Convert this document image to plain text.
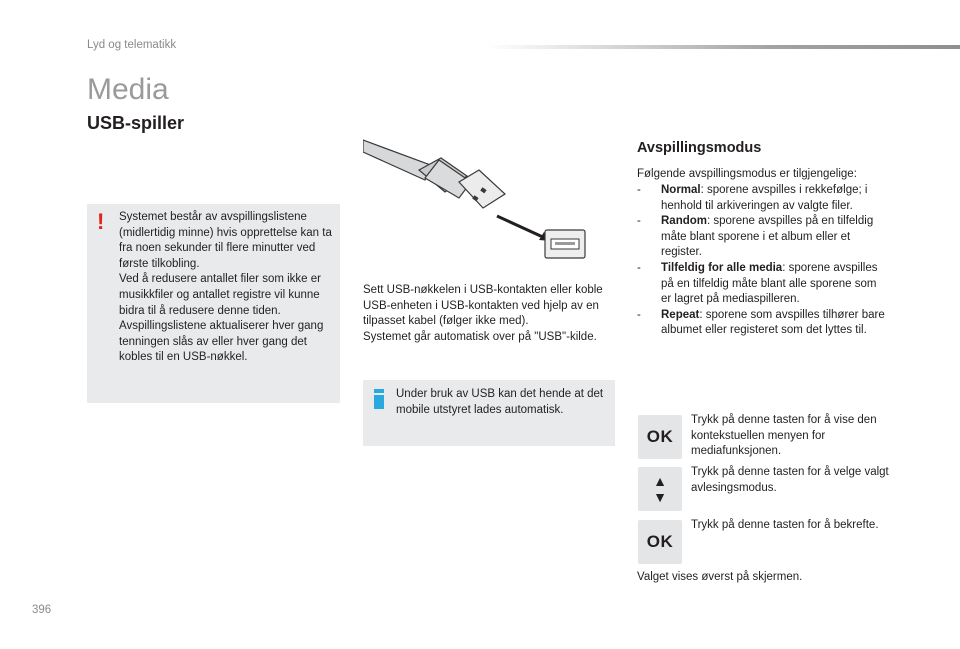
Lyd og telematikk
Media
USB-spiller
! Systemet består av avspillingslistene (midlertidig minne) hvis opprettelse kan ta fra noen sekunder til flere minutter ved første tilkobling.
Ved å redusere antallet filer som ikke er musikkfiler og antallet registre vil kunne bidra til å redusere denne tiden.
Avspillingslistene aktualiserer hver gang tenningen slås av eller hver gang det kobles til en USB-nøkkel.
Sett USB-nøkkelen i USB-kontakten eller koble USB-enheten i USB-kontakten ved hjelp av en tilpasset kabel (følger ikke med).
Systemet går automatisk over på "USB"-kilde.
Under bruk av USB kan det hende at det mobile utstyret lades automatisk.
Avspillingsmodus
Følgende avspillingsmodus er tilgjengelige:
- Normal: sporene avspilles i rekkefølge; i henhold til arkiveringen av valgte filer.
- Random: sporene avspilles på en tilfeldig måte blant sporene i et album eller et register.
- Tilfeldig for alle media: sporene avspilles på en tilfeldig måte blant alle sporene som er lagret på mediaspilleren.
- Repeat: sporene som avspilles tilhører bare albumet eller registeret som det lyttes til.
OK
Trykk på denne tasten for å vise den kontekstuellen menyen for mediafunksjonen.
▲
▼
Trykk på denne tasten for å velge valgt avlesingsmodus.
OK
Trykk på denne tasten for å bekrefte.
Valget vises øverst på skjermen.
396
